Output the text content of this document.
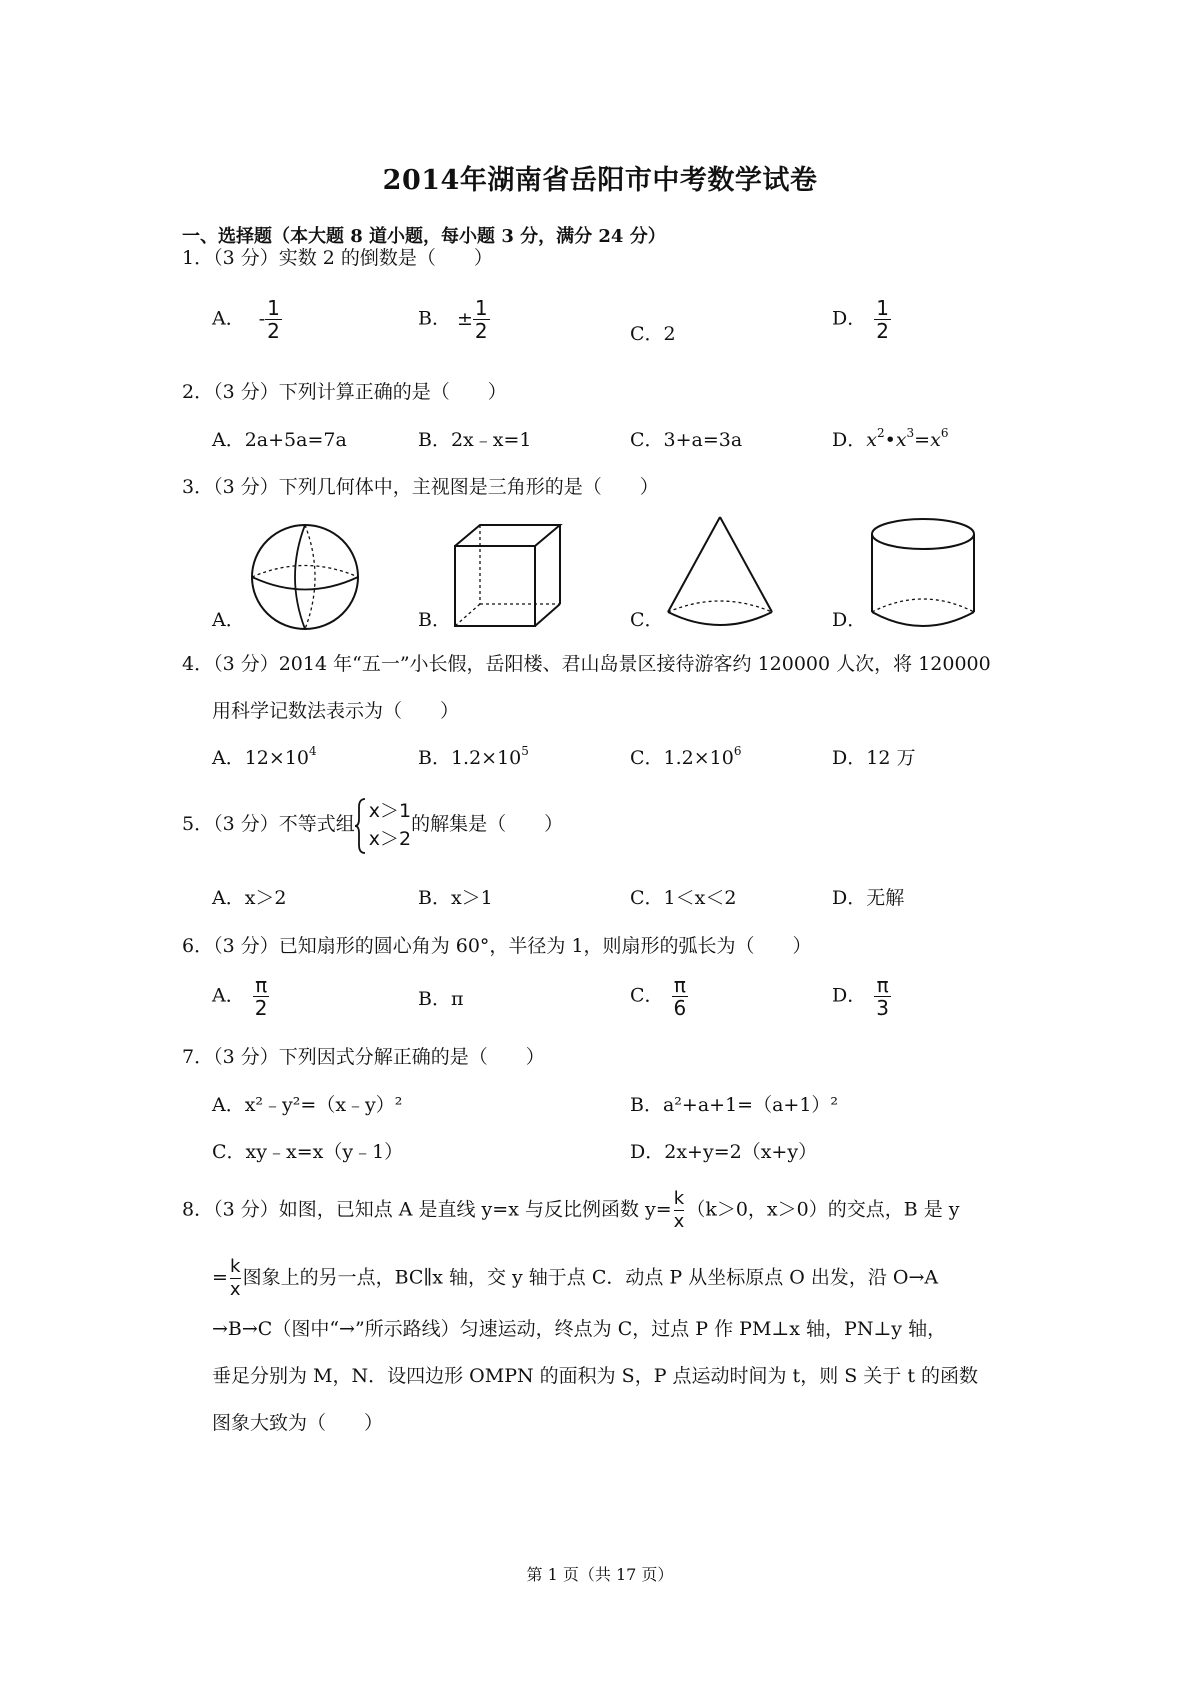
2014年湖南省岳阳市中考数学试卷
一、选择题（本大题 8 道小题，每小题 3 分，满分 24 分）
1．（3 分）实数 2 的倒数是（　　）
A． - $\frac{1}{2}$	B． ± $\frac{1}{2}$	C．2
D． $\frac{1}{2}$
2．（3 分）下列计算正确的是（　　）
A．2a+5a=7a	B．2x﹣x=1	C．3+a=3a	D．$x^2•x^3=x^6$
3．（3 分）下列几何体中，主视图是三角形的是（　　）
A．	B．	C．	D．
4．（3 分）2014 年“五一”小长假，岳阳楼、君山岛景区接待游客约 120000 人次，将 120000
用科学记数法表示为（　　）
A．$12\times 10^4$	B．$1.2\times 10^5$	C．$1.2\times 10^6$	D．12 万
5．（3 分）不等式组
x＞1
x＞2
的解集是（　　）
A．x＞2	B．x＞1	C．1＜x＜2	D．无解
6．（3 分）已知扇形的圆心角为 60°，半径为 1，则扇形的弧长为（　　）
A． $\frac{\pi}{2}$	B．π	C． $\frac{\pi}{6}$	D． $\frac{\pi}{3}$
7．（3 分）下列因式分解正确的是（　　）
A．x²﹣y²=（x﹣y）²	B．a²+a+1=（a+1）²
C．xy﹣x=x（y﹣1）	D．2x+y=2（x+y）
8．（3 分）如图，已知点 A 是直线 y=x 与反比例函数 $y= \frac{k}{x} (k>0$，x＞0）的交点，B 是 y
= $\frac{k}{x}$ 图象上的另一点，BC∥x 轴，交 y 轴于点 C．动点 P 从坐标原点 O 出发，沿 O→A
→B→C（图中“→”所示路线）匀速运动，终点为 C，过点 P 作 PM⊥x 轴，PN⊥y 轴，
垂足分别为 M，N．设四边形 OMPN 的面积为 S，P 点运动时间为 t，则 S 关于 t 的函数
图象大致为（　　）
第 1 页（共 17 页）
